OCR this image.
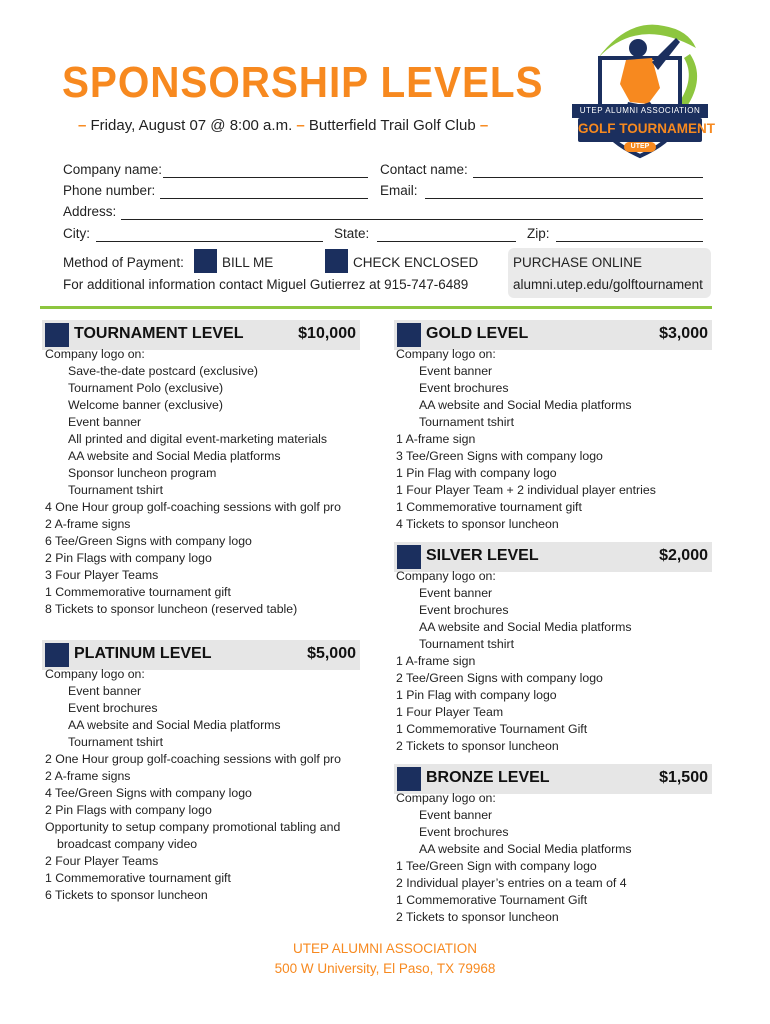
UTEP ALUMNI ASSOCIATION
GOLF TOURNAMENT
UTEP
SPONSORSHIP LEVELS
– Friday, August 07 @ 8:00 a.m. – Butterfield Trail Golf Club –
Company name:	Contact name:
Phone number:	Email:
Address:
City:	State:	Zip:
Method of Payment:	BILL ME	CHECK ENCLOSED
For additional information contact Miguel Gutierrez at 915-747-6489
PURCHASE ONLINE
alumni.utep.edu/golftournament
TOURNAMENT LEVEL	$10,000
Company logo on:
Save-the-date postcard (exclusive)
Tournament Polo (exclusive)
Welcome banner (exclusive)
Event banner
All printed and digital event-marketing materials
AA website and Social Media platforms
Sponsor luncheon program
Tournament tshirt
4 One Hour group golf-coaching sessions with golf pro
2 A-frame signs
6 Tee/Green Signs with company logo
2 Pin Flags with company logo
3 Four Player Teams
1 Commemorative tournament gift
8 Tickets to sponsor luncheon (reserved table)
PLATINUM LEVEL	$5,000
Company logo on:
Event banner
Event brochures
AA website and Social Media platforms
Tournament tshirt
2 One Hour group golf-coaching sessions with golf pro
2 A-frame signs
4 Tee/Green Signs with company logo
2 Pin Flags with company logo
Opportunity to setup company promotional tabling and
broadcast company video
2 Four Player Teams
1 Commemorative tournament gift
6 Tickets to sponsor luncheon
GOLD LEVEL	$3,000
Company logo on:
Event banner
Event brochures
AA website and Social Media platforms
Tournament tshirt
1 A-frame sign
3 Tee/Green Signs with company logo
1 Pin Flag with company logo
1 Four Player Team + 2 individual player entries
1 Commemorative tournament gift
4 Tickets to sponsor luncheon
SILVER LEVEL	$2,000
Company logo on:
Event banner
Event brochures
AA website and Social Media platforms
Tournament tshirt
1 A-frame sign
2 Tee/Green Signs with company logo
1 Pin Flag with company logo
1 Four Player Team
1 Commemorative Tournament Gift
2 Tickets to sponsor luncheon
BRONZE LEVEL	$1,500
Company logo on:
Event banner
Event brochures
AA website and Social Media platforms
1 Tee/Green Sign with company logo
2 Individual player’s entries on a team of 4
1 Commemorative Tournament Gift
2 Tickets to sponsor luncheon
UTEP ALUMNI ASSOCIATION
500 W University, El Paso, TX 79968
